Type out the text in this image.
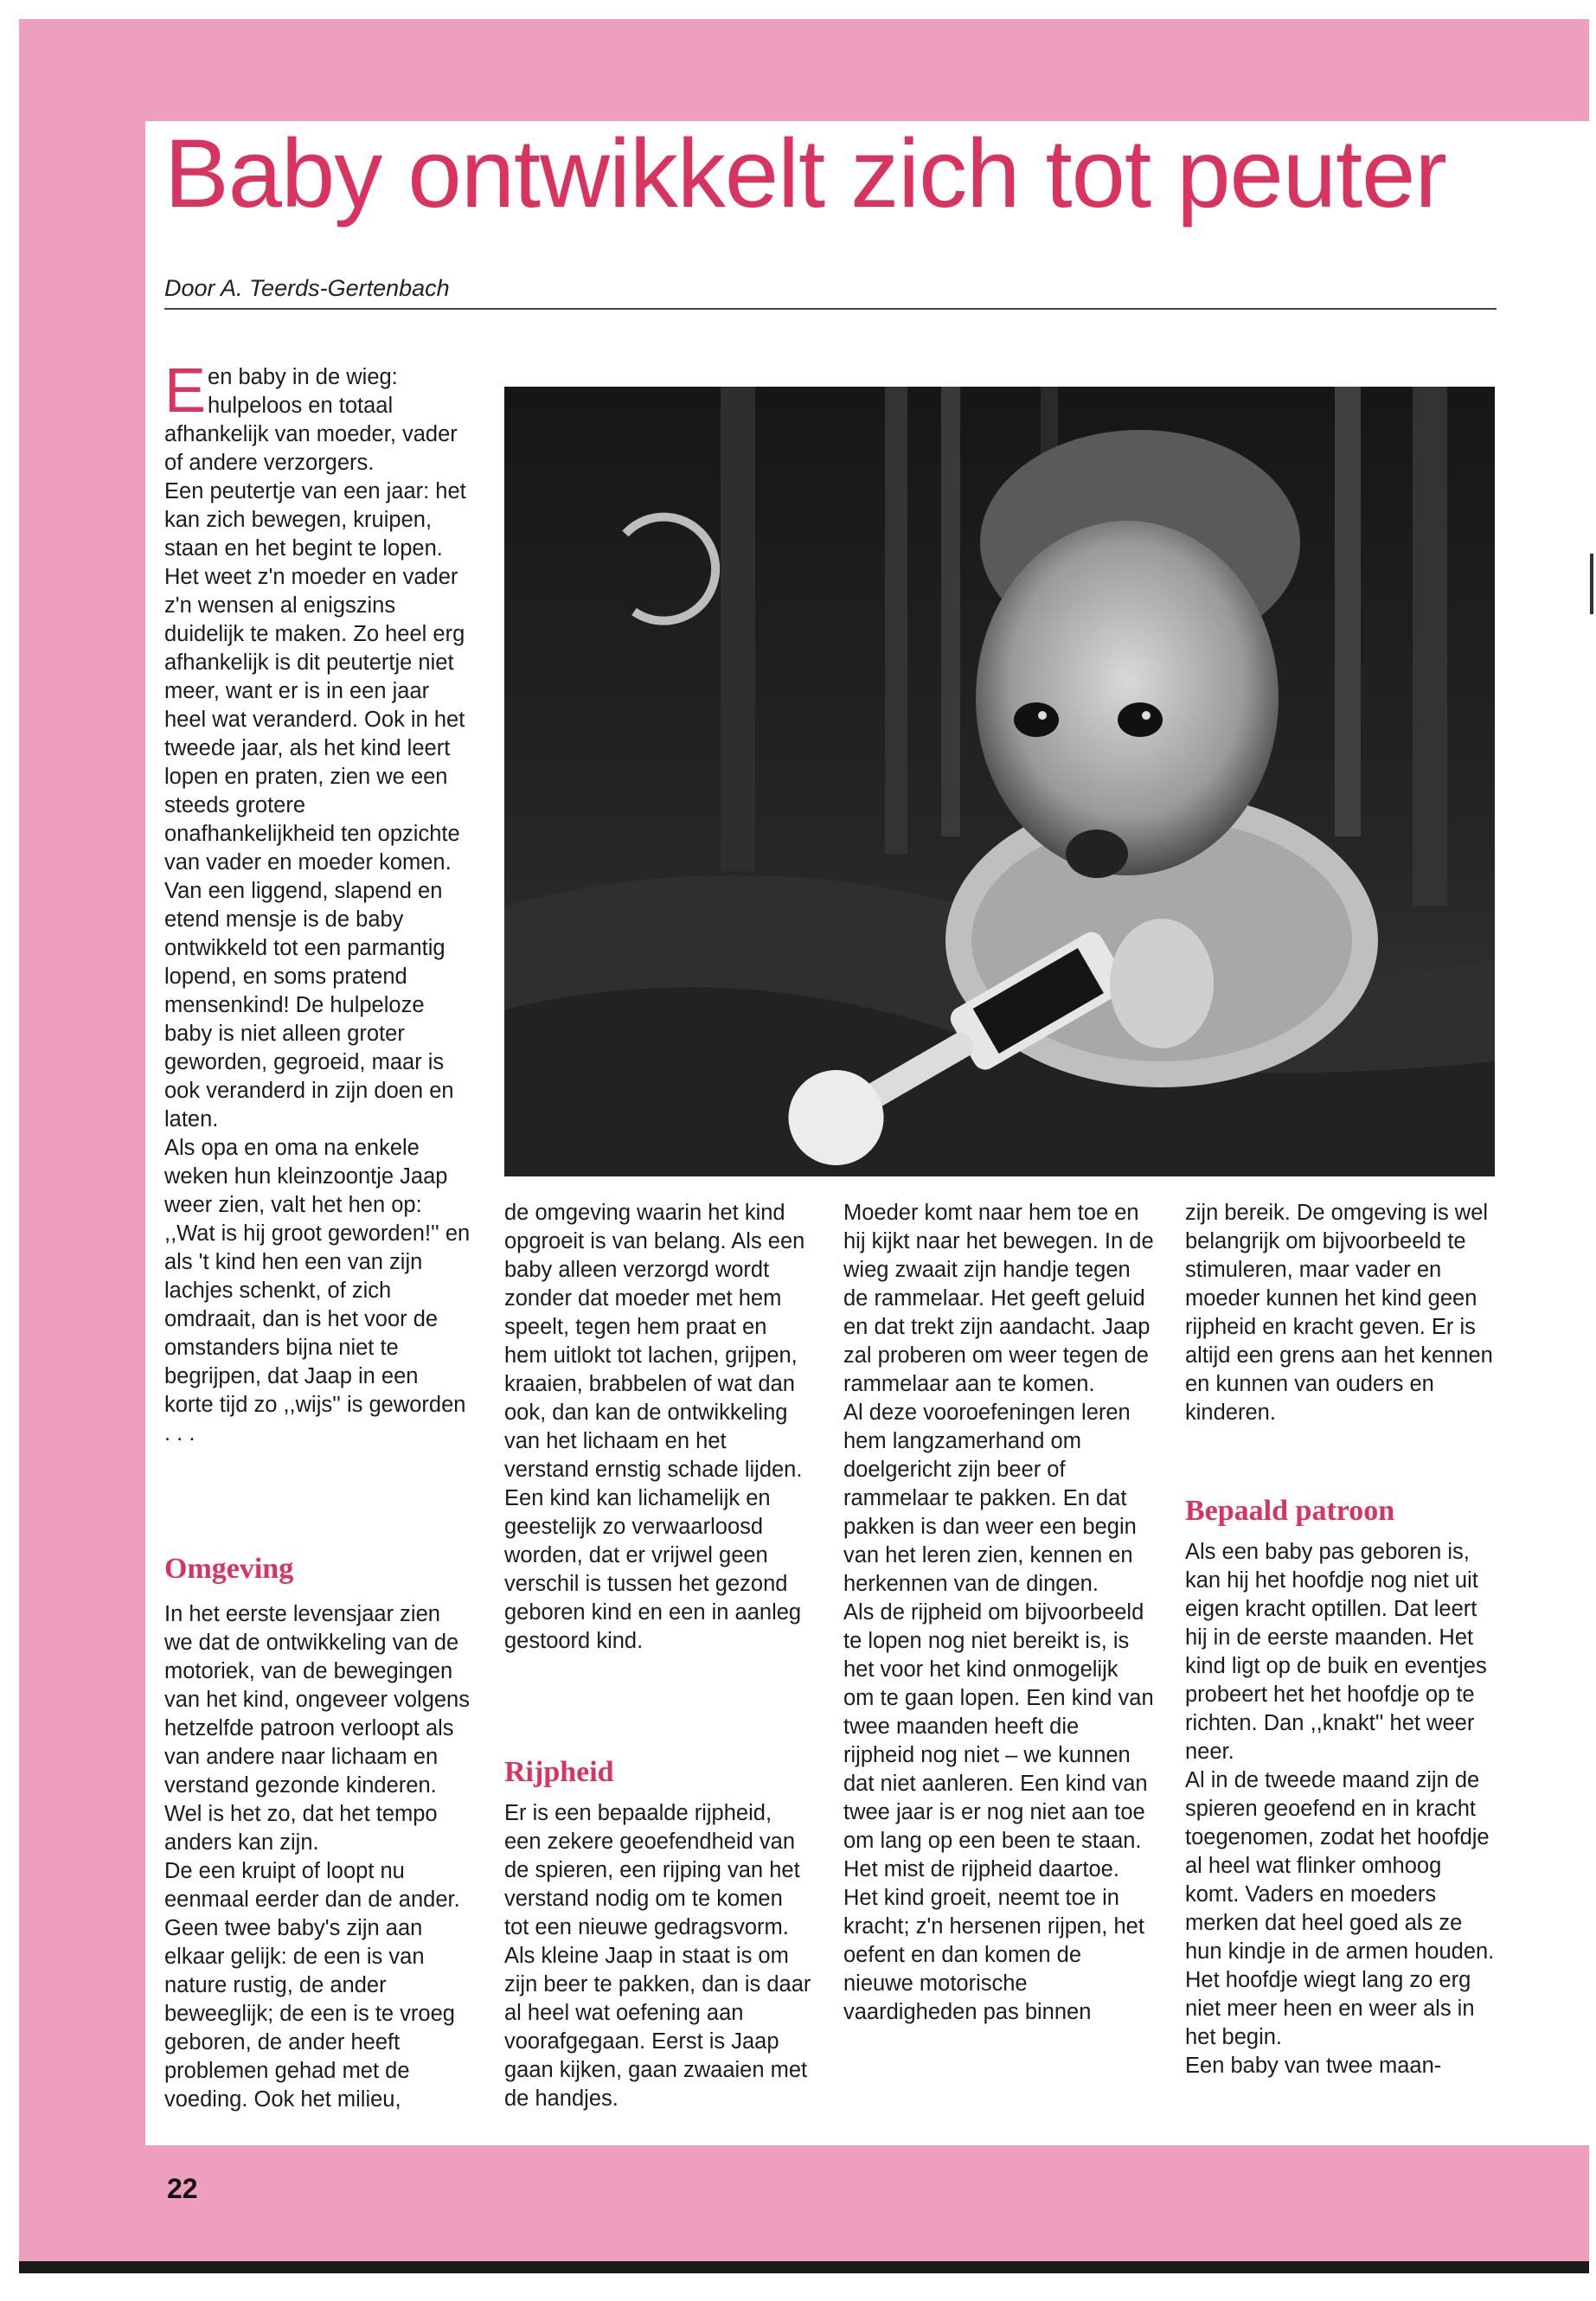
Baby ontwikkelt zich tot peuter
Door A. Teerds-Gertenbach

Een baby in de wieg: hulpeloos en totaal afhankelijk van moeder, vader of andere verzorgers.

Een peutertje van een jaar: het kan zich bewegen, kruipen, staan en het begint te lopen. Het weet z'n moeder en vader z'n wensen al enigszins duidelijk te maken. Zo heel erg afhankelijk is dit peutertje niet meer, want er is in een jaar heel wat veranderd. Ook in het tweede jaar, als het kind leert lopen en praten, zien we een steeds grotere onafhankelijkheid ten opzichte van vader en moeder komen.

Van een liggend, slapend en etend mensje is de baby ontwikkeld tot een parmantig lopend, en soms pratend mensenkind! De hulpeloze baby is niet alleen groter geworden, gegroeid, maar is ook veranderd in zijn doen en laten.

Als opa en oma na enkele weken hun kleinzoontje Jaap weer zien, valt het hen op: ,,Wat is hij groot geworden!'' en als 't kind hen een van zijn lachjes schenkt, of zich omdraait, dan is het voor de omstanders bijna niet te begrijpen, dat Jaap in een korte tijd zo ,,wijs'' is geworden . . .

Omgeving

In het eerste levensjaar zien we dat de ontwikkeling van de motoriek, van de bewegingen van het kind, ongeveer volgens hetzelfde patroon verloopt als van andere naar lichaam en verstand gezonde kinderen. Wel is het zo, dat het tempo anders kan zijn.

De een kruipt of loopt nu eenmaal eerder dan de ander. Geen twee baby's zijn aan elkaar gelijk: de een is van nature rustig, de ander beweeglijk; de een is te vroeg geboren, de ander heeft problemen gehad met de voeding. Ook het milieu,

de omgeving waarin het kind opgroeit is van belang. Als een baby alleen verzorgd wordt zonder dat moeder met hem speelt, tegen hem praat en hem uitlokt tot lachen, grijpen, kraaien, brabbelen of wat dan ook, dan kan de ontwikkeling van het lichaam en het verstand ernstig schade lijden. Een kind kan lichamelijk en geestelijk zo verwaarloosd worden, dat er vrijwel geen verschil is tussen het gezond geboren kind en een in aanleg gestoord kind.

Rijpheid

Er is een bepaalde rijpheid, een zekere geoefendheid van de spieren, een rijping van het verstand nodig om te komen tot een nieuwe gedragsvorm. Als kleine Jaap in staat is om zijn beer te pakken, dan is daar al heel wat oefening aan voorafgegaan. Eerst is Jaap gaan kijken, gaan zwaaien met de handjes.

Moeder komt naar hem toe en hij kijkt naar het bewegen. In de wieg zwaait zijn handje tegen de rammelaar. Het geeft geluid en dat trekt zijn aandacht. Jaap zal proberen om weer tegen de rammelaar aan te komen.

Al deze vooroefeningen leren hem langzamerhand om doelgericht zijn beer of rammelaar te pakken. En dat pakken is dan weer een begin van het leren zien, kennen en herkennen van de dingen.

Als de rijpheid om bijvoorbeeld te lopen nog niet bereikt is, is het voor het kind onmogelijk om te gaan lopen. Een kind van twee maanden heeft die rijpheid nog niet – we kunnen dat niet aanleren. Een kind van twee jaar is er nog niet aan toe om lang op een been te staan. Het mist de rijpheid daartoe.

Het kind groeit, neemt toe in kracht; z'n hersenen rijpen, het oefent en dan komen de nieuwe motorische vaardigheden pas binnen

zijn bereik. De omgeving is wel belangrijk om bijvoorbeeld te stimuleren, maar vader en moeder kunnen het kind geen rijpheid en kracht geven. Er is altijd een grens aan het kennen en kunnen van ouders en kinderen.

Bepaald patroon

Als een baby pas geboren is, kan hij het hoofdje nog niet uit eigen kracht optillen. Dat leert hij in de eerste maanden. Het kind ligt op de buik en eventjes probeert het het hoofdje op te richten. Dan ,,knakt'' het weer neer.

Al in de tweede maand zijn de spieren geoefend en in kracht toegenomen, zodat het hoofdje al heel wat flinker omhoog komt. Vaders en moeders merken dat heel goed als ze hun kindje in de armen houden. Het hoofdje wiegt lang zo erg niet meer heen en weer als in het begin.

Een baby van twee maan-

22
